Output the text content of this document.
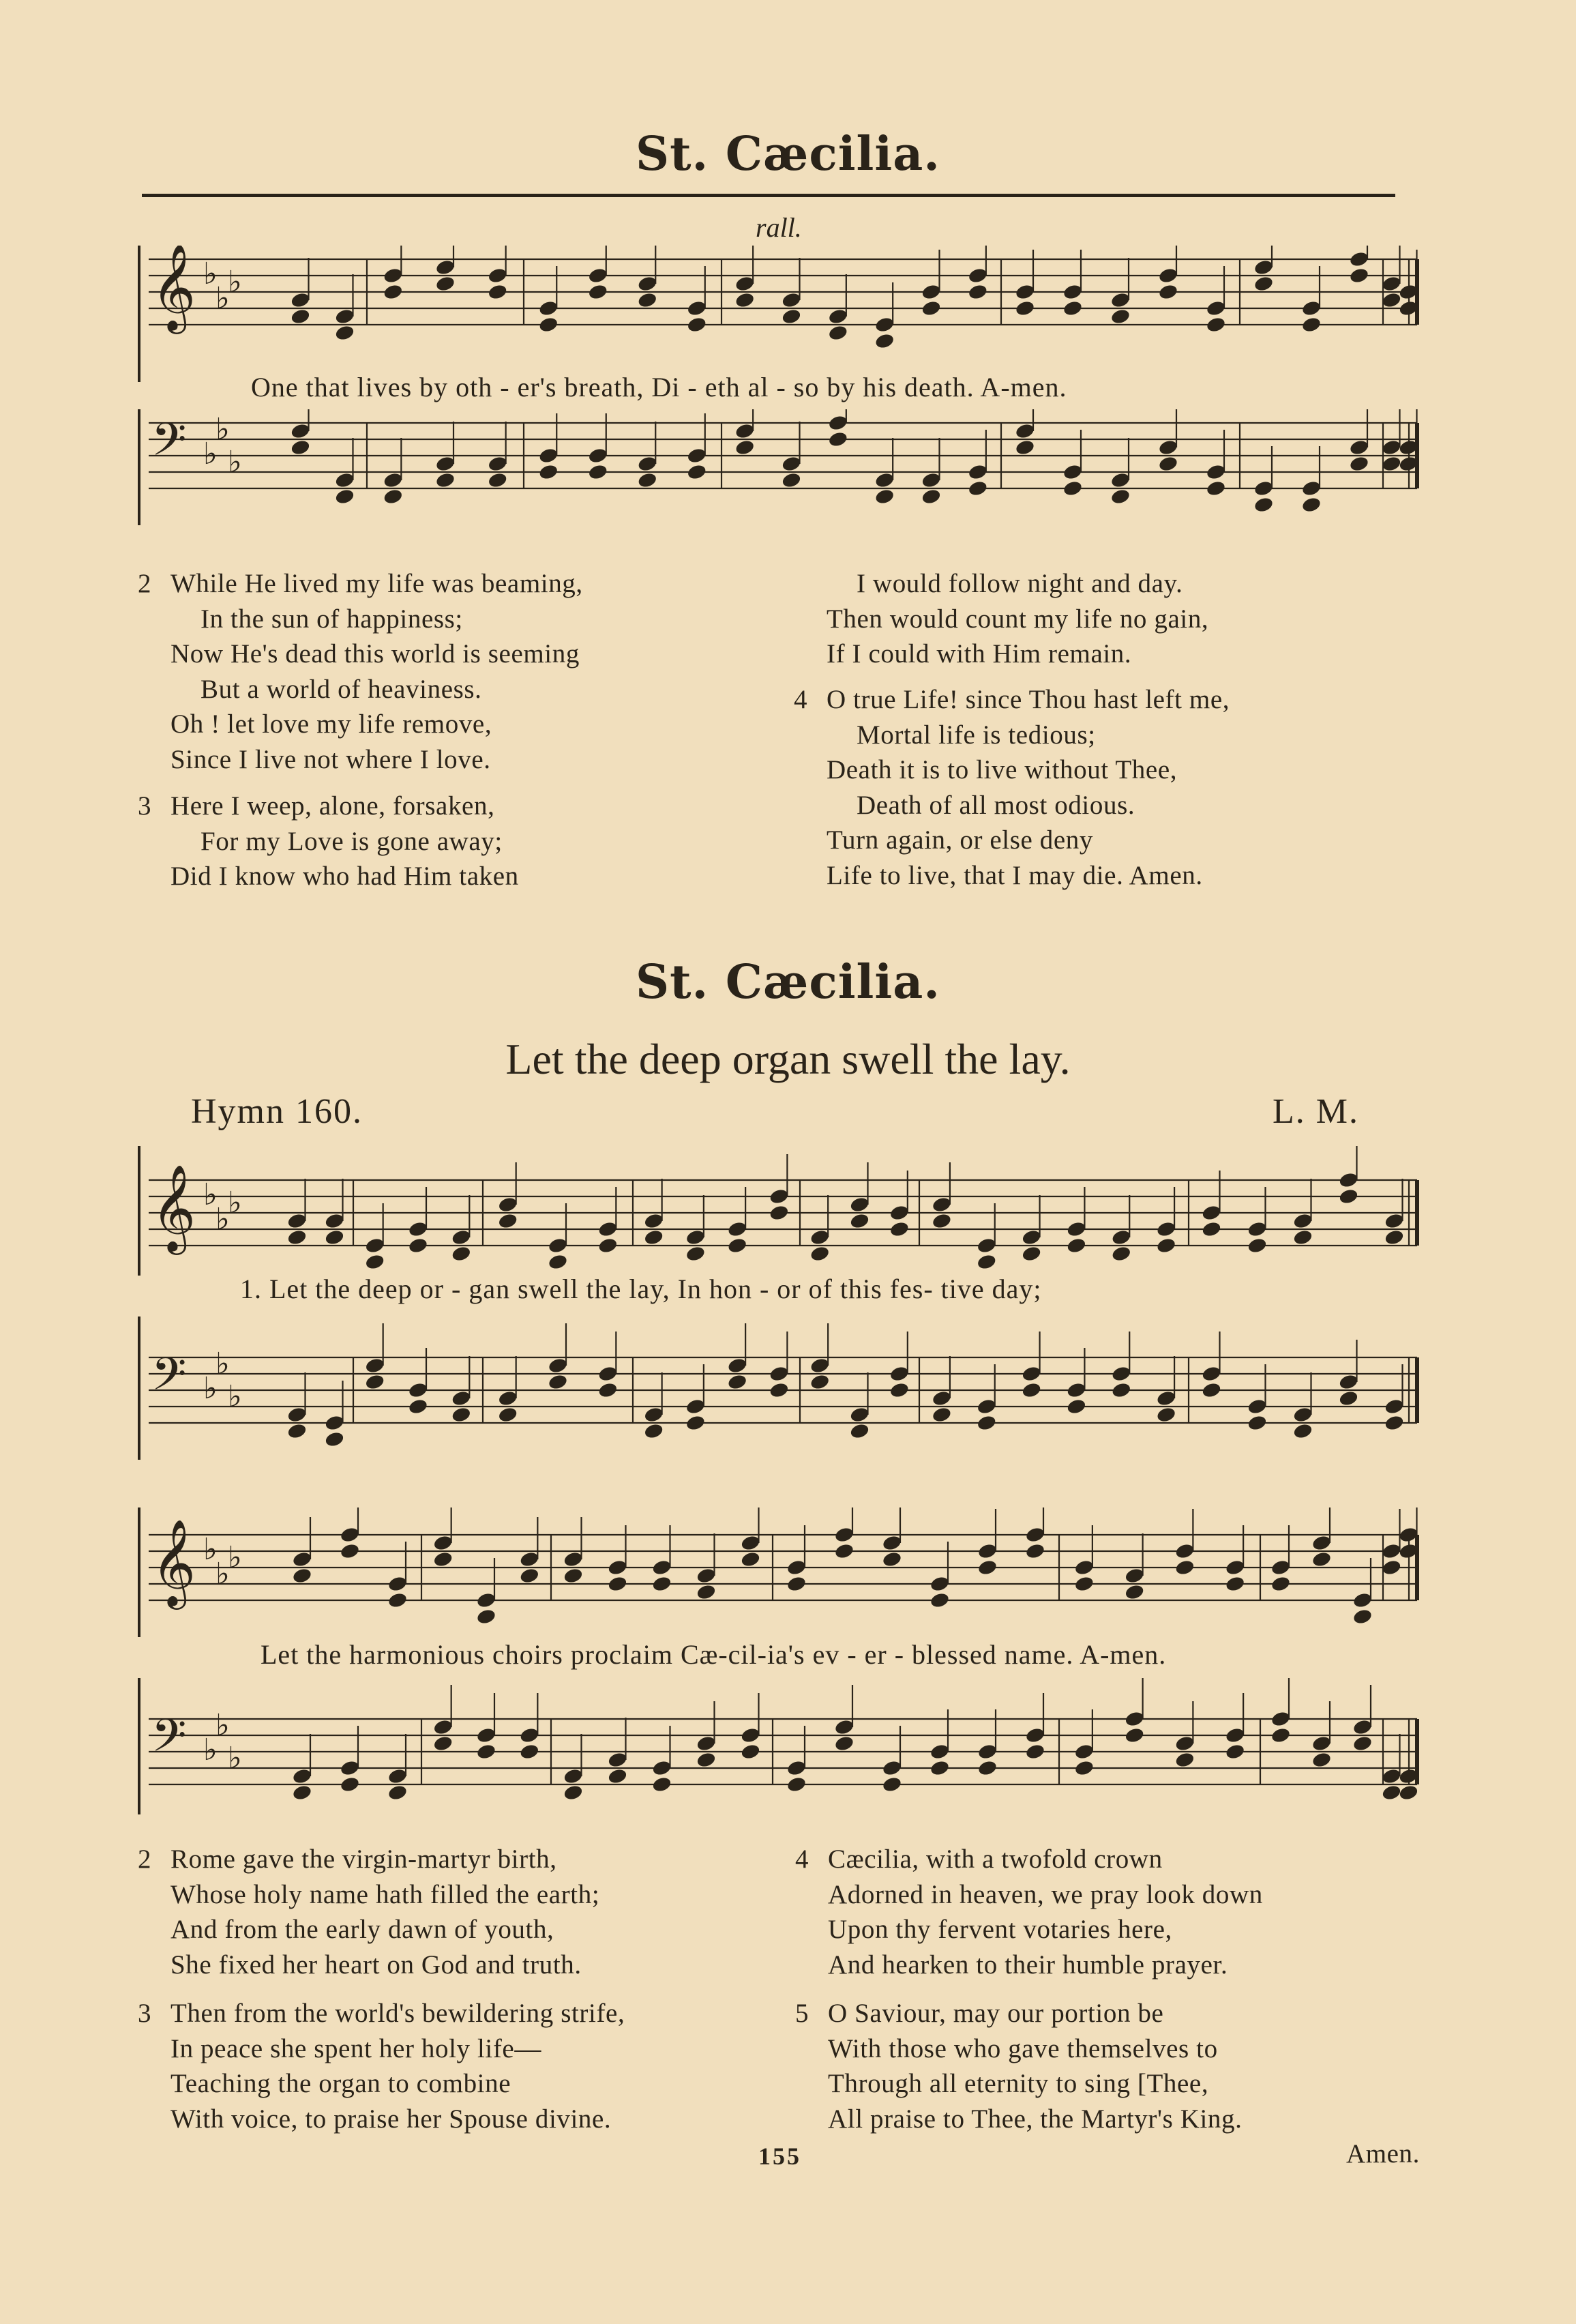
St. Cæcilia.
rall.
𝄞 ♭
♭
♭
One that lives by oth - er's breath, Di - eth al - so by his death. A-men.
𝄢 ♭
♭
♭
2 While He lived my life was beaming,
In the sun of happiness;
Now He's dead this world is seeming
But a world of heaviness.
Oh ! let love my life remove,
Since I live not where I love.
3 Here I weep, alone, forsaken,
For my Love is gone away;
Did I know who had Him taken
I would follow night and day.
Then would count my life no gain,
If I could with Him remain.
4 O true Life! since Thou hast left me,
Mortal life is tedious;
Death it is to live without Thee,
Death of all most odious.
Turn again, or else deny
Life to live, that I may die. Amen.
St. Cæcilia.
Let the deep organ swell the lay.
Hymn 160.	L. M.
𝄞 ♭
♭
♭
1. Let the deep or - gan swell the lay, In hon - or of this fes- tive day;
𝄢 ♭
♭
♭
𝄞 ♭
♭
♭
Let the harmonious choirs proclaim Cæ-cil-ia's ev - er - blessed name. A-men.
𝄢 ♭
♭
♭
2 Rome gave the virgin-martyr birth,
Whose holy name hath filled the earth;
And from the early dawn of youth,
She fixed her heart on God and truth.
3 Then from the world's bewildering strife,
In peace she spent her holy life—
Teaching the organ to combine
With voice, to praise her Spouse divine.
4 Cæcilia, with a twofold crown
Adorned in heaven, we pray look down
Upon thy fervent votaries here,
And hearken to their humble prayer.
5 O Saviour, may our portion be
With those who gave themselves to
Through all eternity to sing [Thee,
All praise to Thee, the Martyr's King.
Amen.
155
